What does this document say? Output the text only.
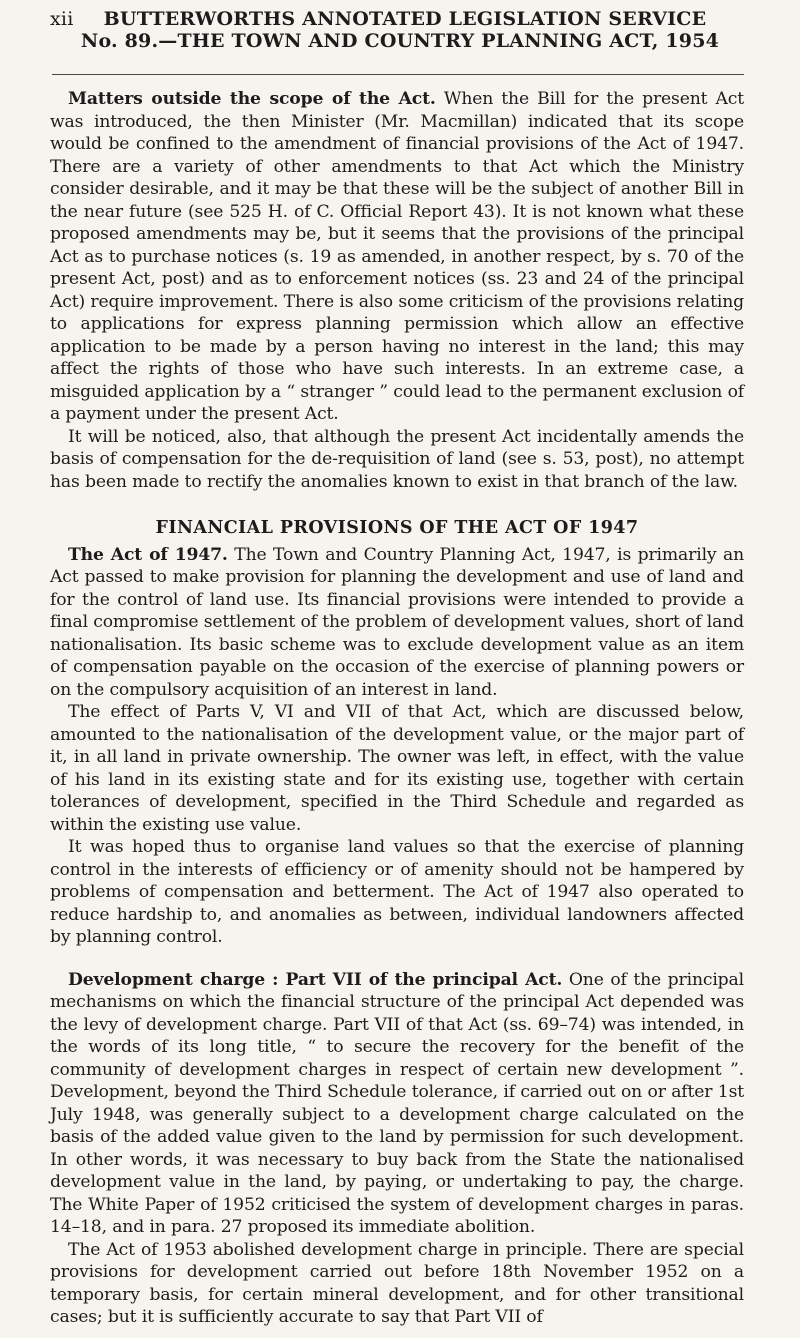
xii	BUTTERWORTHS ANNOTATED LEGISLATION SERVICE
No. 89.—THE TOWN AND COUNTRY PLANNING ACT, 1954

Matters outside the scope of the Act. When the Bill for the present Act was introduced, the then Minister (Mr. Macmillan) indicated that its scope would be confined to the amendment of financial provisions of the Act of 1947. There are a variety of other amendments to that Act which the Ministry consider desirable, and it may be that these will be the subject of another Bill in the near future (see 525 H. of C. Official Report 43). It is not known what these proposed amendments may be, but it seems that the provisions of the principal Act as to purchase notices (s. 19 as amended, in another respect, by s. 70 of the present Act, post) and as to enforcement notices (ss. 23 and 24 of the principal Act) require improvement. There is also some criticism of the provisions relating to applications for express planning permission which allow an effective application to be made by a person having no interest in the land; this may affect the rights of those who have such interests. In an extreme case, a misguided application by a “ stranger ” could lead to the permanent exclusion of a payment under the present Act.

It will be noticed, also, that although the present Act incidentally amends the basis of compensation for the de-requisition of land (see s. 53, post), no attempt has been made to rectify the anomalies known to exist in that branch of the law.

FINANCIAL PROVISIONS OF THE ACT OF 1947

The Act of 1947. The Town and Country Planning Act, 1947, is primarily an Act passed to make provision for planning the development and use of land and for the control of land use. Its financial provisions were intended to provide a final compromise settlement of the problem of development values, short of land nationalisation. Its basic scheme was to exclude development value as an item of compensation payable on the occasion of the exercise of planning powers or on the compulsory acquisition of an interest in land.

The effect of Parts V, VI and VII of that Act, which are discussed below, amounted to the nationalisation of the development value, or the major part of it, in all land in private ownership. The owner was left, in effect, with the value of his land in its existing state and for its existing use, together with certain tolerances of development, specified in the Third Schedule and regarded as within the existing use value.

It was hoped thus to organise land values so that the exercise of planning control in the interests of efficiency or of amenity should not be hampered by problems of compensation and betterment. The Act of 1947 also operated to reduce hardship to, and anomalies as between, individual landowners affected by planning control.

Development charge : Part VII of the principal Act. One of the principal mechanisms on which the financial structure of the principal Act depended was the levy of development charge. Part VII of that Act (ss. 69–74) was intended, in the words of its long title, “ to secure the recovery for the benefit of the community of development charges in respect of certain new development ”. Development, beyond the Third Schedule tolerance, if carried out on or after 1st July 1948, was generally subject to a development charge calculated on the basis of the added value given to the land by permission for such development. In other words, it was necessary to buy back from the State the nationalised development value in the land, by paying, or undertaking to pay, the charge. The White Paper of 1952 criticised the system of development charges in paras. 14–18, and in para. 27 proposed its immediate abolition.

The Act of 1953 abolished development charge in principle. There are special provisions for development carried out before 18th November 1952 on a temporary basis, for certain mineral development, and for other transitional cases; but it is sufficiently accurate to say that Part VII of
